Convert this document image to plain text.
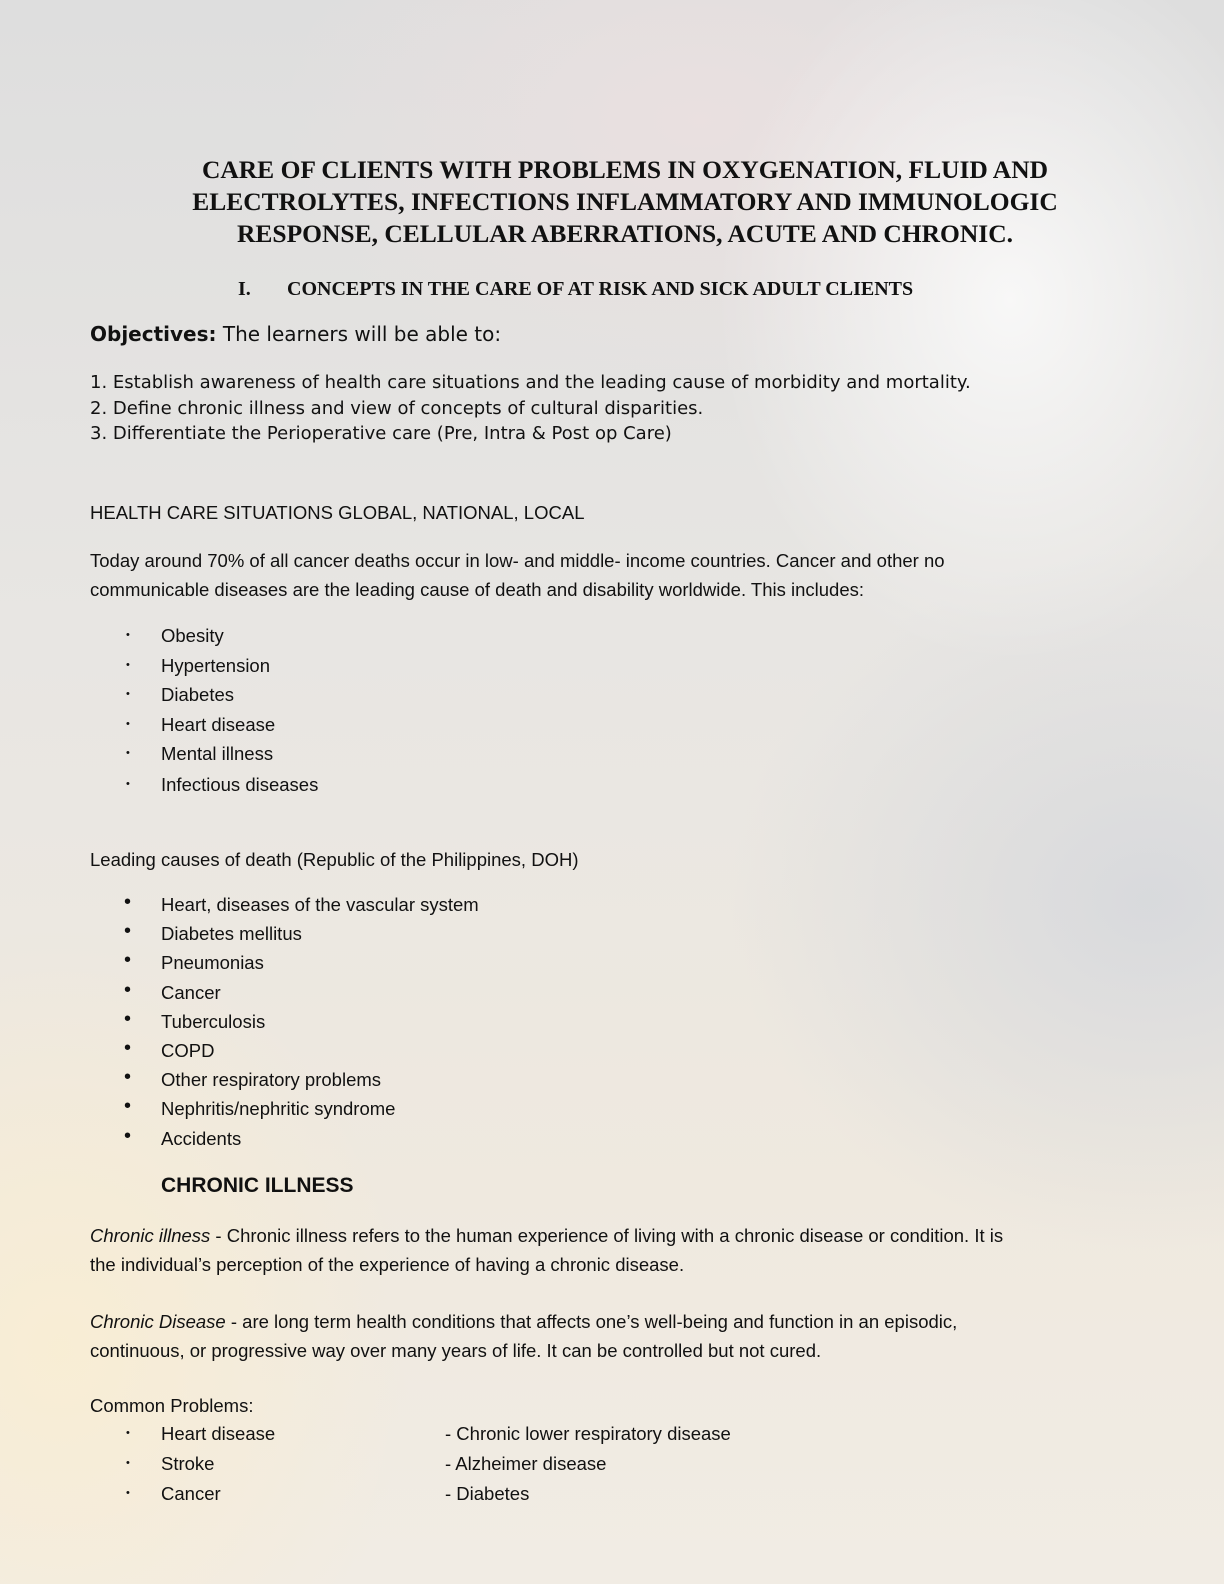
CARE OF CLIENTS WITH PROBLEMS IN OXYGENATION, FLUID AND
ELECTROLYTES, INFECTIONS INFLAMMATORY AND IMMUNOLOGIC
RESPONSE, CELLULAR ABERRATIONS, ACUTE AND CHRONIC.
I. CONCEPTS IN THE CARE OF AT RISK AND SICK ADULT CLIENTS
Objectives: The learners will be able to:
1. Establish awareness of health care situations and the leading cause of morbidity and mortality.
2. Define chronic illness and view of concepts of cultural disparities.
3. Differentiate the Perioperative care (Pre, Intra & Post op Care)
HEALTH CARE SITUATIONS GLOBAL, NATIONAL, LOCAL
Today around 70% of all cancer deaths occur in low- and middle- income countries. Cancer and other no
communicable diseases are the leading cause of death and disability worldwide. This includes:
• Obesity
• Hypertension
• Diabetes
• Heart disease
• Mental illness
• Infectious diseases
Leading causes of death (Republic of the Philippines, DOH)
• Heart, diseases of the vascular system
• Diabetes mellitus
• Pneumonias
• Cancer
• Tuberculosis
• COPD
• Other respiratory problems
• Nephritis/nephritic syndrome
• Accidents
CHRONIC ILLNESS
Chronic illness - Chronic illness refers to the human experience of living with a chronic disease or condition. It is
the individual’s perception of the experience of having a chronic disease.
Chronic Disease - are long term health conditions that affects one’s well-being and function in an episodic,
continuous, or progressive way over many years of life. It can be controlled but not cured.
Common Problems:
• Heart disease	- Chronic lower respiratory disease
• Stroke	- Alzheimer disease
• Cancer	- Diabetes
